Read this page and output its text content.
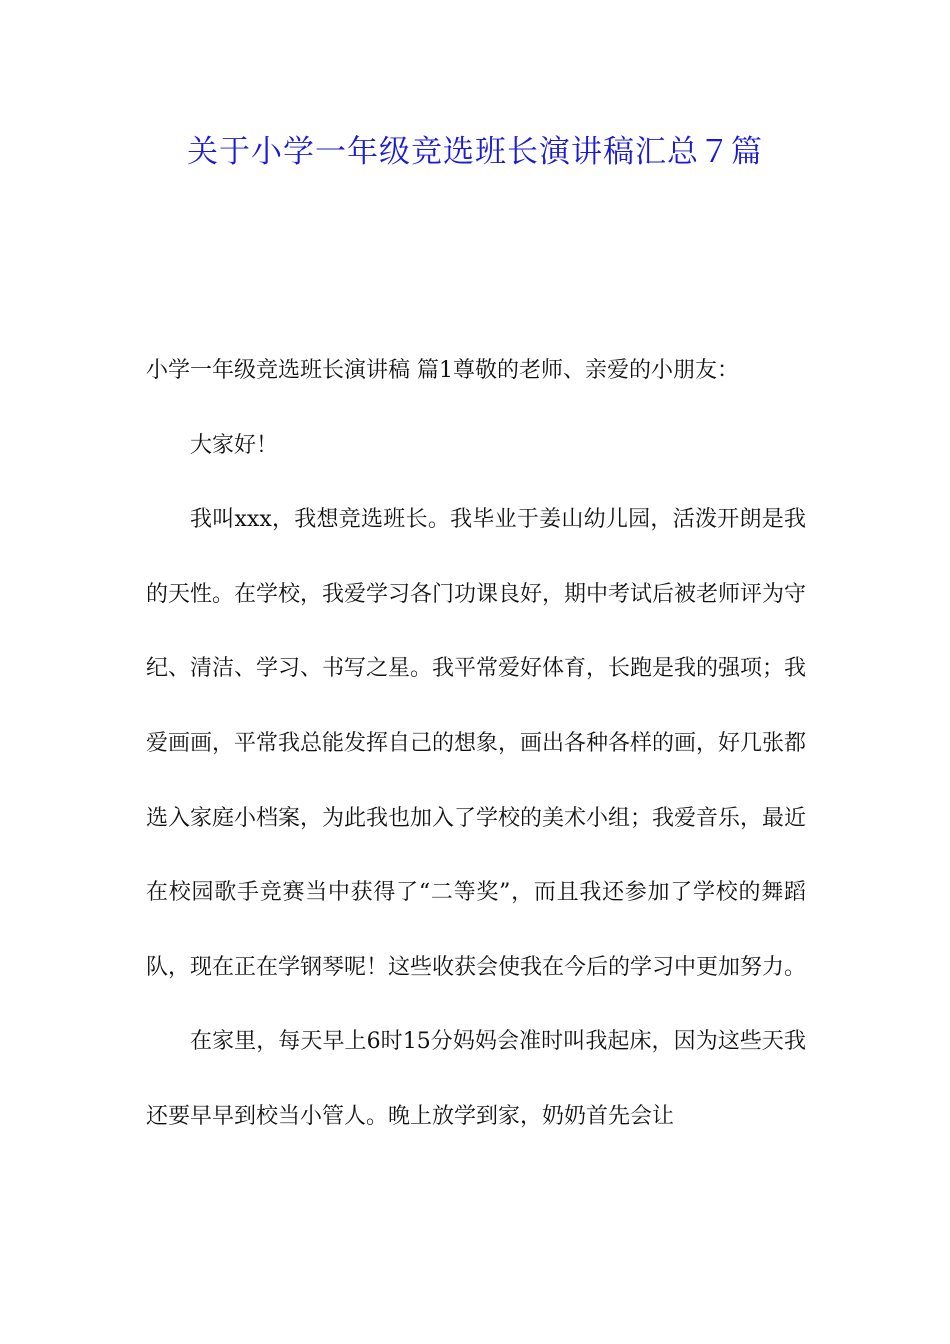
关于小学一年级竞选班长演讲稿汇总７篇

小学一年级竞选班长演讲稿 篇1尊敬的老师、亲爱的小朋友：

大家好！

我叫xxx，我想竞选班长。我毕业于姜山幼儿园，活泼开朗是我的天性。在学校，我爱学习各门功课良好，期中考试后被老师评为守纪、清洁、学习、书写之星。我平常爱好体育，长跑是我的强项；我爱画画，平常我总能发挥自己的想象，画出各种各样的画，好几张都选入家庭小档案，为此我也加入了学校的美术小组；我爱音乐，最近在校园歌手竞赛当中获得了“二等奖”，而且我还参加了学校的舞蹈队，现在正在学钢琴呢！这些收获会使我在今后的学习中更加努力。

在家里，每天早上6时15分妈妈会准时叫我起床，因为这些天我还要早早到校当小管人。晚上放学到家，奶奶首先会让
